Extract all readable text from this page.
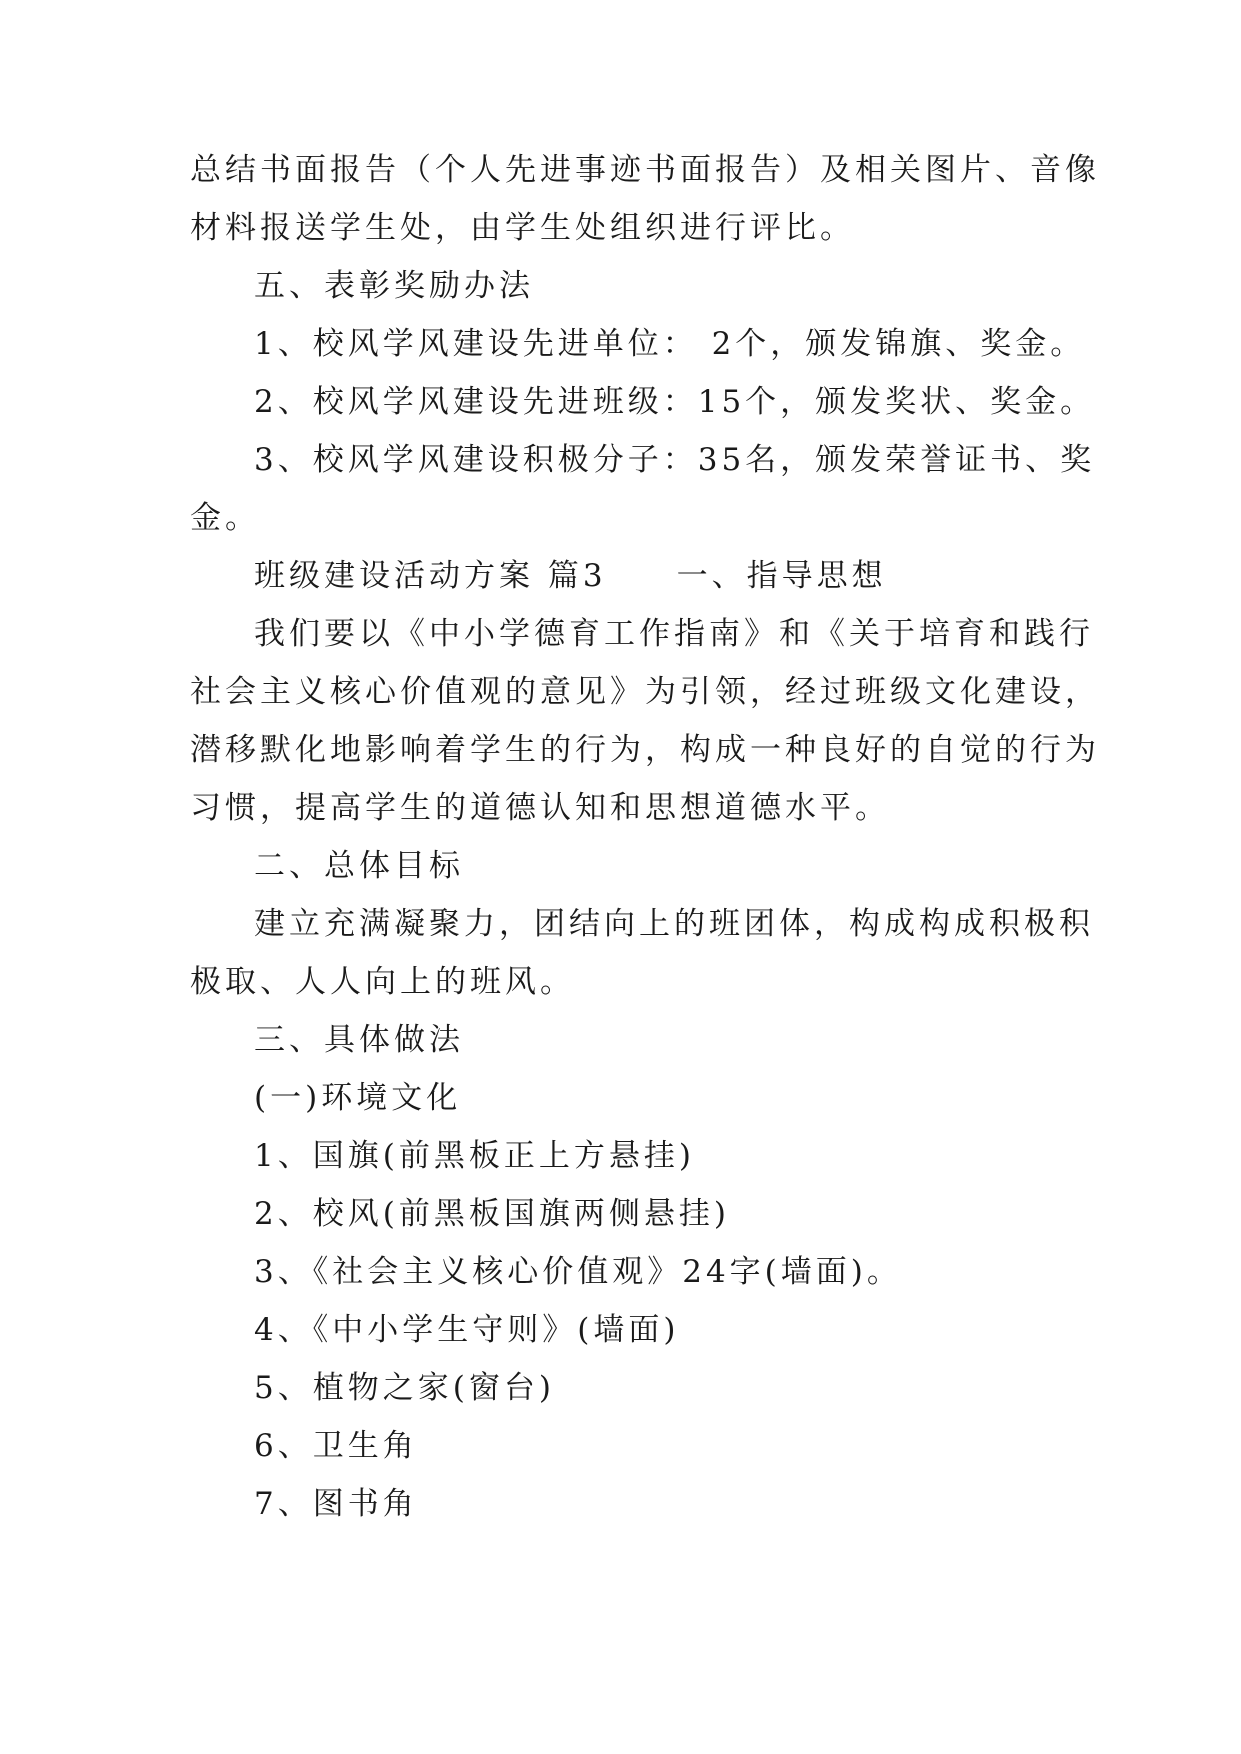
总结书面报告（个人先进事迹书面报告）及相关图片、音像
材料报送学生处，由学生处组织进行评比。
五、表彰奖励办法
1、校风学风建设先进单位： 2个，颁发锦旗、奖金。
2、校风学风建设先进班级：15个，颁发奖状、奖金。
3、校风学风建设积极分子：35名，颁发荣誉证书、奖
金。
班级建设活动方案 篇3　　一、指导思想
我们要以《中小学德育工作指南》和《关于培育和践行
社会主义核心价值观的意见》为引领，经过班级文化建设，
潜移默化地影响着学生的行为，构成一种良好的自觉的行为
习惯，提高学生的道德认知和思想道德水平。
二、总体目标
建立充满凝聚力，团结向上的班团体，构成构成积极积
极取、人人向上的班风。
三、具体做法
(一)环境文化
1、国旗(前黑板正上方悬挂)
2、校风(前黑板国旗两侧悬挂)
3、《社会主义核心价值观》24字(墙面)。
4、《中小学生守则》(墙面)
5、植物之家(窗台)
6、卫生角
7、图书角
